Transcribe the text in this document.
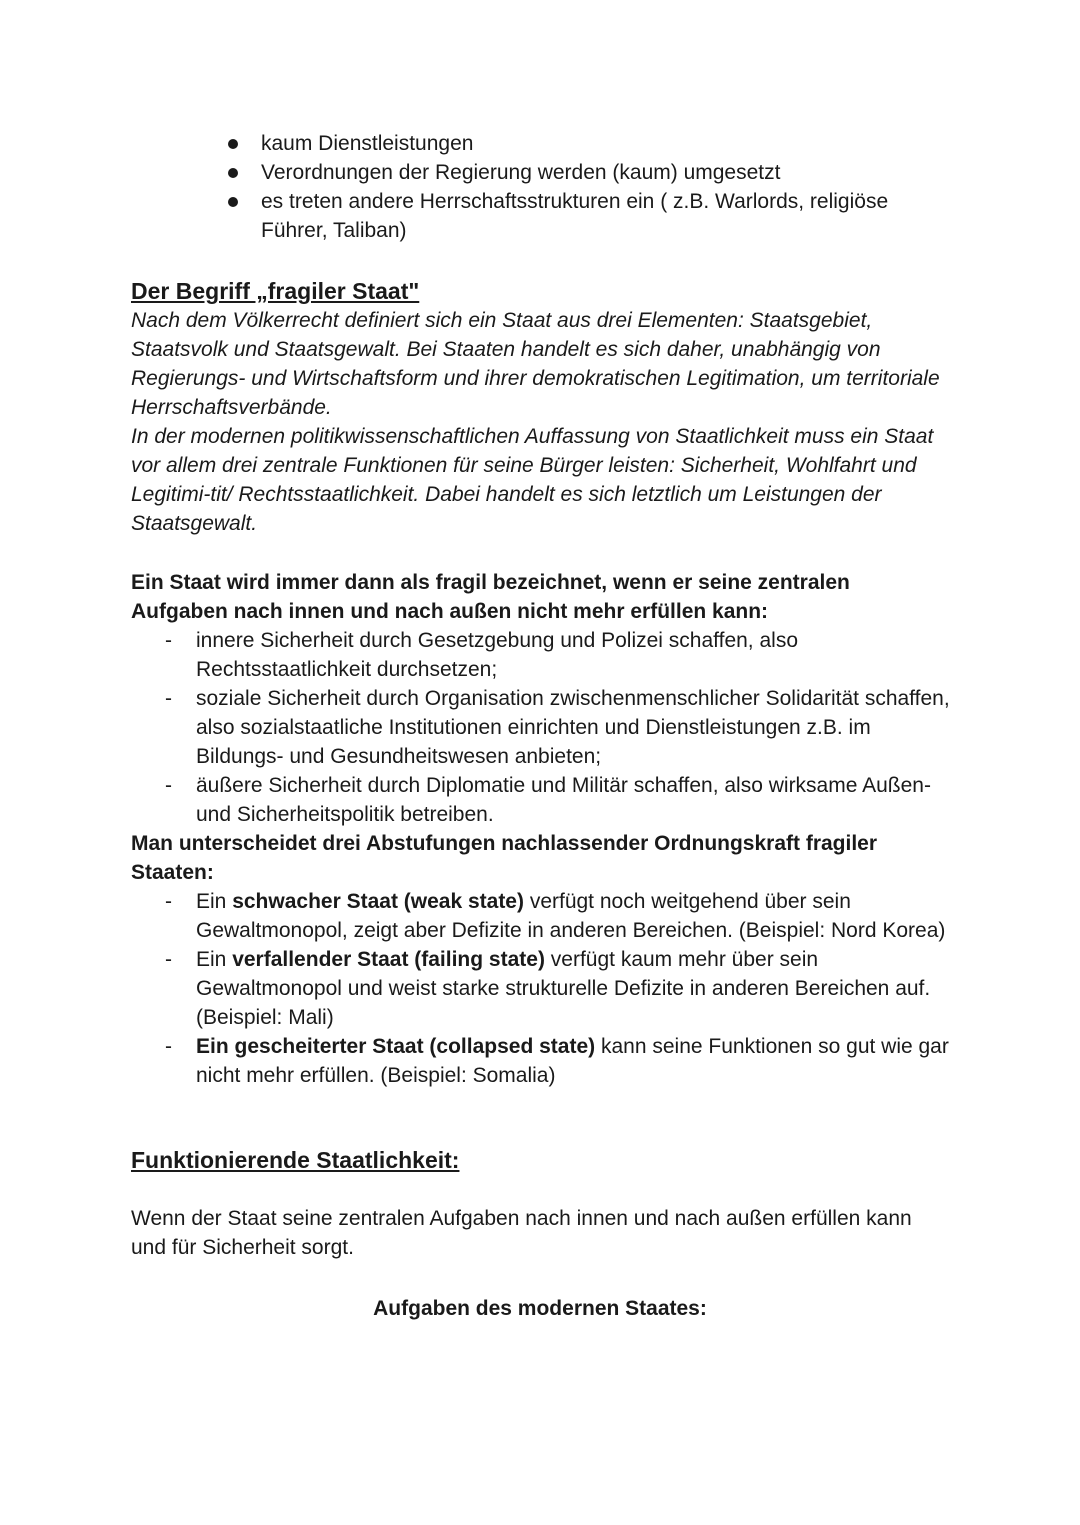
kaum Dienstleistungen
Verordnungen der Regierung werden (kaum) umgesetzt
es treten andere Herrschaftsstrukturen ein ( z.B. Warlords, religiöse Führer, Taliban)

Der Begriff „fragiler Staat"

Nach dem Völkerrecht definiert sich ein Staat aus drei Elementen: Staatsgebiet, Staatsvolk und Staatsgewalt. Bei Staaten handelt es sich daher, unabhängig von Regierungs- und Wirtschaftsform und ihrer demokratischen Legitimation, um territoriale Herrschaftsverbände.

In der modernen politikwissenschaftlichen Auffassung von Staatlichkeit muss ein Staat vor allem drei zentrale Funktionen für seine Bürger leisten: Sicherheit, Wohlfahrt und Legitimi-tit/ Rechtsstaatlichkeit. Dabei handelt es sich letztlich um Leistungen der Staatsgewalt.

Ein Staat wird immer dann als fragil bezeichnet, wenn er seine zentralen Aufgaben nach innen und nach außen nicht mehr erfüllen kann:

- innere Sicherheit durch Gesetzgebung und Polizei schaffen, also Rechtsstaatlichkeit durchsetzen;
- soziale Sicherheit durch Organisation zwischenmenschlicher Solidarität schaffen, also sozialstaatliche Institutionen einrichten und Dienstleistungen z.B. im Bildungs- und Gesundheitswesen anbieten;
- äußere Sicherheit durch Diplomatie und Militär schaffen, also wirksame Außen- und Sicherheitspolitik betreiben.

Man unterscheidet drei Abstufungen nachlassender Ordnungskraft fragiler Staaten:

- Ein schwacher Staat (weak state) verfügt noch weitgehend über sein Gewaltmonopol, zeigt aber Defizite in anderen Bereichen. (Beispiel: Nord Korea)
- Ein verfallender Staat (failing state) verfügt kaum mehr über sein Gewaltmonopol und weist starke strukturelle Defizite in anderen Bereichen auf. (Beispiel: Mali)
- Ein gescheiterter Staat (collapsed state) kann seine Funktionen so gut wie gar nicht mehr erfüllen. (Beispiel: Somalia)

Funktionierende Staatlichkeit:

Wenn der Staat seine zentralen Aufgaben nach innen und nach außen erfüllen kann und für Sicherheit sorgt.

Aufgaben des modernen Staates:
